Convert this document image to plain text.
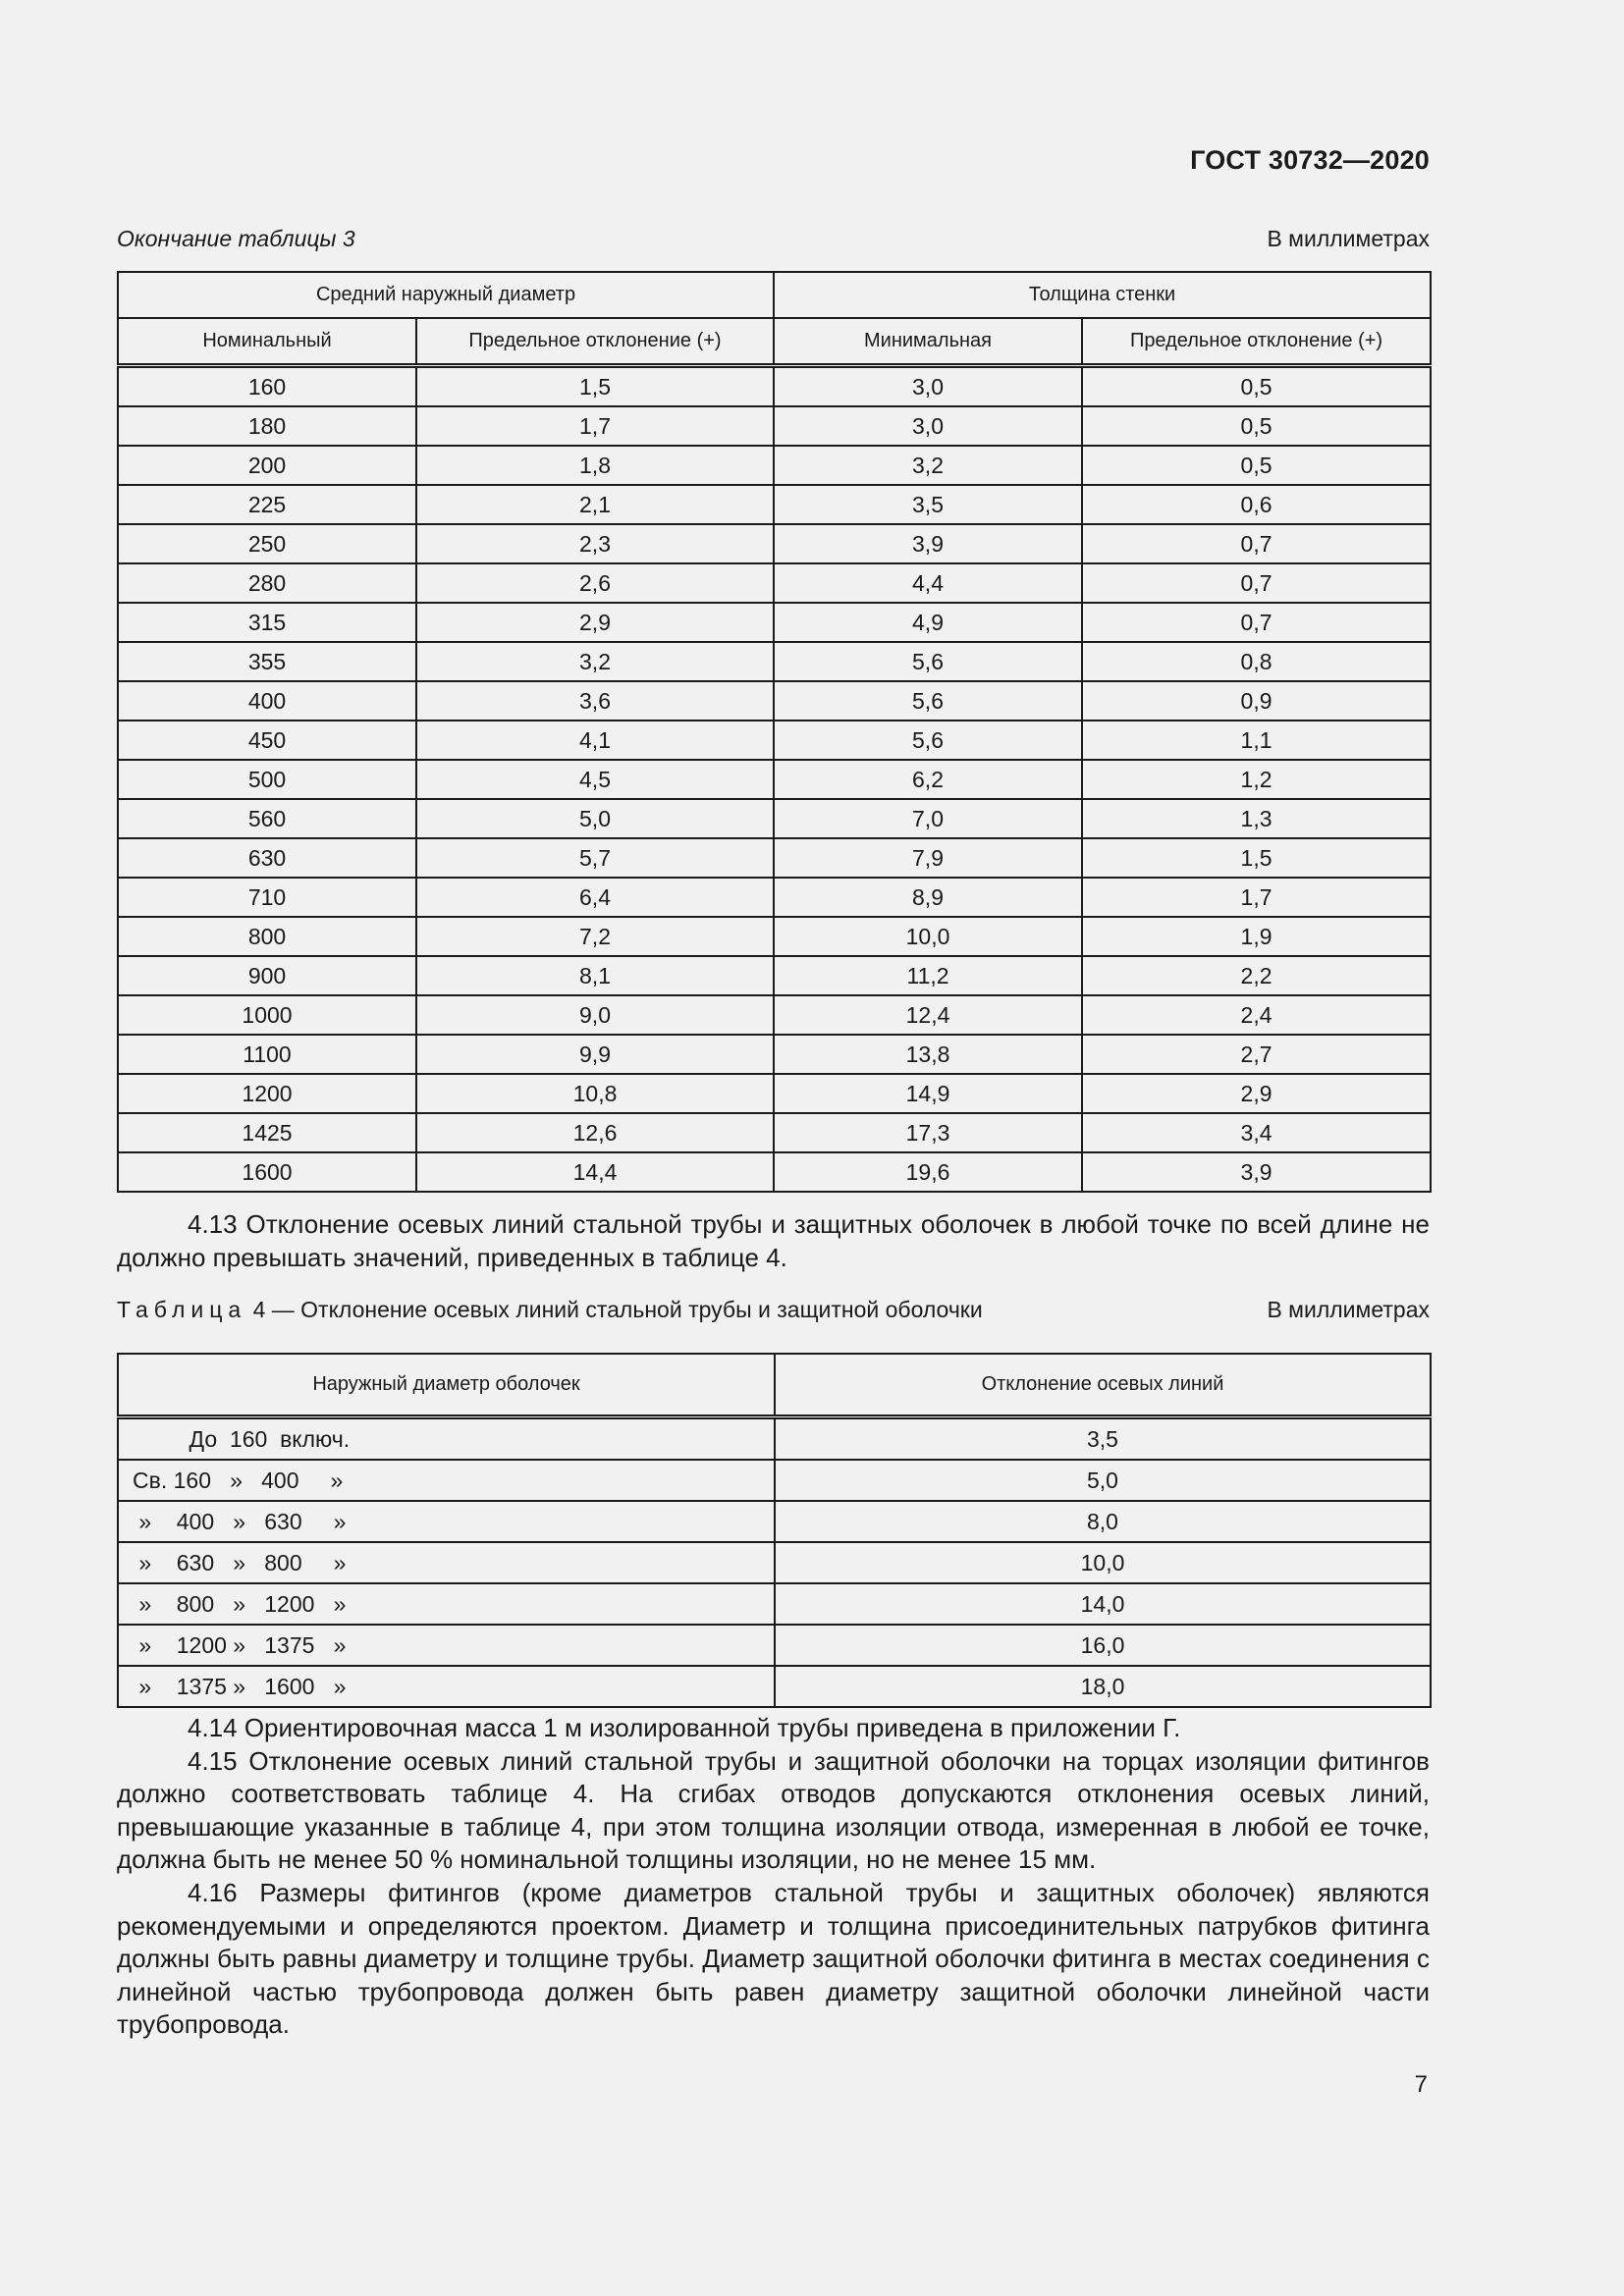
ГОСТ 30732—2020
Окончание таблицы 3	В миллиметрах
Средний наружный диаметр		Толщина стенки	
Номинальный	Предельное отклонение (+)	Минимальная	Предельное отклонение (+)
160	1,5	3,0	0,5
180	1,7	3,0	0,5
200	1,8	3,2	0,5
225	2,1	3,5	0,6
250	2,3	3,9	0,7
280	2,6	4,4	0,7
315	2,9	4,9	0,7
355	3,2	5,6	0,8
400	3,6	5,6	0,9
450	4,1	5,6	1,1
500	4,5	6,2	1,2
560	5,0	7,0	1,3
630	5,7	7,9	1,5
710	6,4	8,9	1,7
800	7,2	10,0	1,9
900	8,1	11,2	2,2
1000	9,0	12,4	2,4
1100	9,9	13,8	2,7
1200	10,8	14,9	2,9
1425	12,6	17,3	3,4
1600	14,4	19,6	3,9
4.13 Отклонение осевых линий стальной трубы и защитных оболочек в любой точке по всей длине не должно превышать значений, приведенных в таблице 4.
Таблица 4 — Отклонение осевых линий стальной трубы и защитной оболочки	В миллиметрах
Наружный диаметр оболочек	Отклонение осевых линий
До  160  включ.	3,5
Св. 160   »   400     »	5,0
»    400   »   630     »	8,0
»    630   »   800     »	10,0
»    800   »   1200   »	14,0
»    1200 »   1375   »	16,0
»    1375 »   1600   »	18,0

4.14 Ориентировочная масса 1 м изолированной трубы приведена в приложении Г.

4.15 Отклонение осевых линий стальной трубы и защитной оболочки на торцах изоляции фитингов должно соответствовать таблице 4. На сгибах отводов допускаются отклонения осевых линий, превышающие указанные в таблице 4, при этом толщина изоляции отвода, измеренная в любой ее точке, должна быть не менее 50 % номинальной толщины изоляции, но не менее 15 мм.

4.16 Размеры фитингов (кроме диаметров стальной трубы и защитных оболочек) являются рекомендуемыми и определяются проектом. Диаметр и толщина присоединительных патрубков фитинга должны быть равны диаметру и толщине трубы. Диаметр защитной оболочки фитинга в местах соединения с линейной частью трубопровода должен быть равен диаметру защитной оболочки линейной части трубопровода.

7
